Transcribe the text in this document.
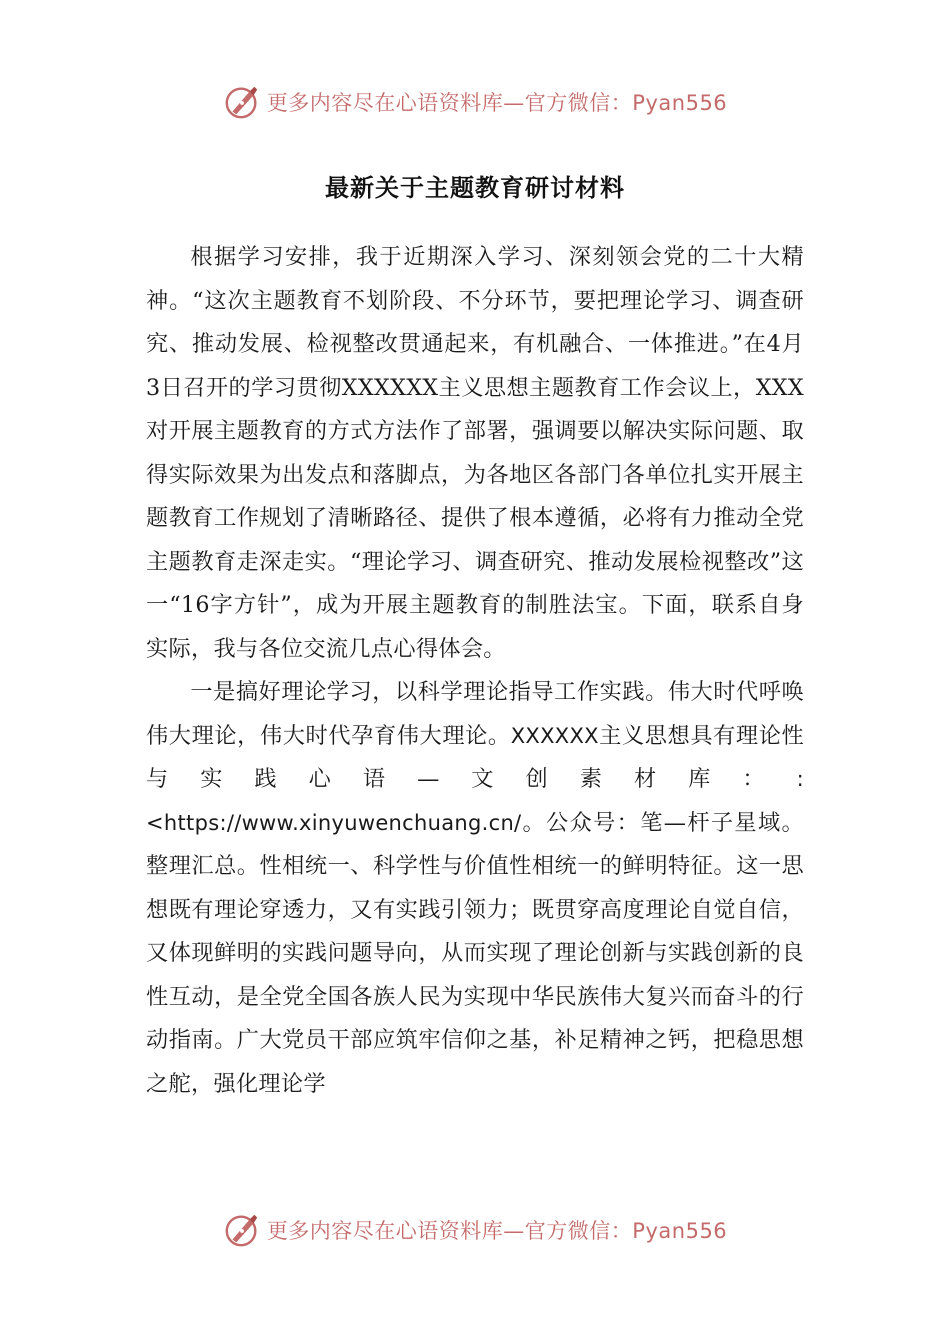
更多内容尽在心语资料库—官方微信：Pyan556
最新关于主题教育研讨材料

根据学习安排，我于近期深入学习、深刻领会党的二十大精神。“这次主题教育不划阶段、不分环节，要把理论学习、调查研究、推动发展、检视整改贯通起来，有机融合、一体推进。”在4月3日召开的学习贯彻XXXXXX主义思想主题教育工作会议上，XXX对开展主题教育的方式方法作了部署，强调要以解决实际问题、取得实际效果为出发点和落脚点，为各地区各部门各单位扎实开展主题教育工作规划了清晰路径、提供了根本遵循，必将有力推动全党主题教育走深走实。“理论学习、调查研究、推动发展检视整改”这一“16字方针”，成为开展主题教育的制胜法宝。下面，联系自身实际，我与各位交流几点心得体会。

一是搞好理论学习，以科学理论指导工作实践。伟大时代呼唤伟大理论，伟大时代孕育伟大理论。XXXXXX主义思想具有理论性与实践心语—文创素材库：:<https://www.xinyuwenchuang.cn/。公众号：笔—杆子星域。整理汇总。性相统一、科学性与价值性相统一的鲜明特征。这一思想既有理论穿透力，又有实践引领力；既贯穿高度理论自觉自信，又体现鲜明的实践问题导向，从而实现了理论创新与实践创新的良性互动，是全党全国各族人民为实现中华民族伟大复兴而奋斗的行动指南。广大党员干部应筑牢信仰之基，补足精神之钙，把稳思想之舵，强化理论学

更多内容尽在心语资料库—官方微信：Pyan556
